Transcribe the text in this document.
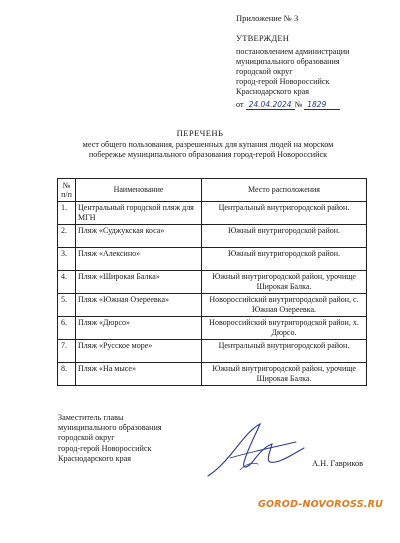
Приложение № 3
УТВЕРЖДЕН
постановлением администрации
муниципального образования
городской округ
город-герой Новороссийск
Краснодарского края
от 24.04.2024 № 1829
ПЕРЕЧЕНЬ
мест общего пользования, разрешенных для купания людей на морском
побережье муниципального образования город-герой Новороссийск
№
п/п	Наименование	Место расположения
1.	Центральный городской пляж для МГН	Центральный внутригородской район.
2.	Пляж «Суджукская коса»	Южный внутригородской район.
3.	Пляж «Алексино»	Южный внутригородской район.
4.	Пляж «Широкая Балка»	Южный внутригородской район, урочище Широкая Балка.
5.	Пляж «Южная Озереевка»	Новороссийский внутригородской район, с. Южная Озереевка.
6.	Пляж «Дюрсо»	Новороссийский внутригородской район, х. Дюрсо.
7.	Пляж «Русское море»	Центральный внутригородской район.
8.	Пляж «На мысе»	Южный внутригородской район, урочище Широкая Балка.
Заместитель главы
муниципального образования
городской округ
город-герой Новороссийск
Краснодарского края
А.Н. Гавриков
GOROD-NOVOROSS.RU
